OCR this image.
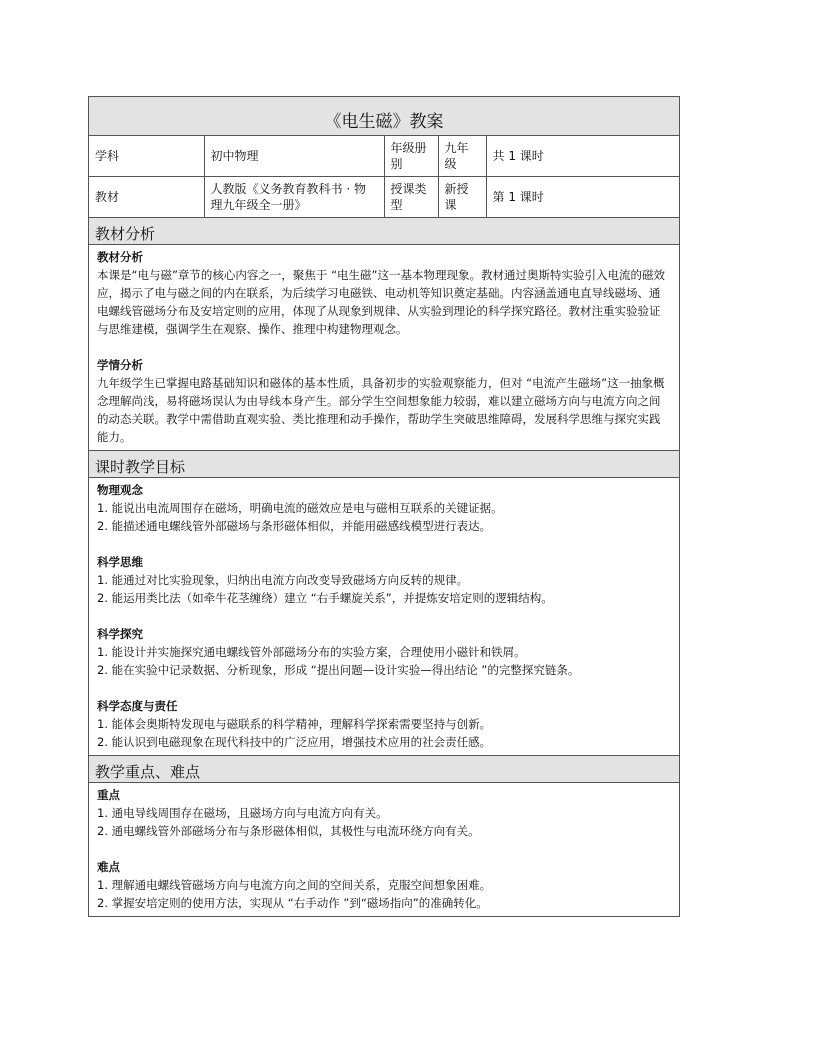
《电生磁》教案
学科	初中物理	年级册别	九年级	共 1 课时
教材	人教版《义务教育教科书 · 物理九年级全一册》	授课类型	新授课	第 1 课时
教材分析

教材分析

本课是“电与磁”章节的核心内容之一，聚焦于 “电生磁”这一基本物理现象。教材通过奥斯特实验引入电流的磁效应，揭示了电与磁之间的内在联系，为后续学习电磁铁、电动机等知识奠定基础。内容涵盖通电直导线磁场、通电螺线管磁场分布及安培定则的应用，体现了从现象到规律、从实验到理论的科学探究路径。教材注重实验验证与思维建模，强调学生在观察、操作、推理中构建物理观念。

学情分析

九年级学生已掌握电路基础知识和磁体的基本性质，具备初步的实验观察能力，但对 “电流产生磁场”这一抽象概念理解尚浅，易将磁场误认为由导线本身产生。部分学生空间想象能力较弱，难以建立磁场方向与电流方向之间的动态关联。教学中需借助直观实验、类比推理和动手操作，帮助学生突破思维障碍，发展科学思维与探究实践能力。

课时教学目标

物理观念

1. 能说出电流周围存在磁场，明确电流的磁效应是电与磁相互联系的关键证据。

2. 能描述通电螺线管外部磁场与条形磁体相似，并能用磁感线模型进行表达。

科学思维

1. 能通过对比实验现象，归纳出电流方向改变导致磁场方向反转的规律。

2. 能运用类比法（如牵牛花茎缠绕）建立 “右手螺旋关系”，并提炼安培定则的逻辑结构。

科学探究

1. 能设计并实施探究通电螺线管外部磁场分布的实验方案，合理使用小磁针和铁屑。

2. 能在实验中记录数据、分析现象，形成 “提出问题—设计实验—得出结论 ”的完整探究链条。

科学态度与责任

1. 能体会奥斯特发现电与磁联系的科学精神，理解科学探索需要坚持与创新。

2. 能认识到电磁现象在现代科技中的广泛应用，增强技术应用的社会责任感。

教学重点、难点

重点

1. 通电导线周围存在磁场，且磁场方向与电流方向有关。

2. 通电螺线管外部磁场分布与条形磁体相似，其极性与电流环绕方向有关。

难点

1. 理解通电螺线管磁场方向与电流方向之间的空间关系，克服空间想象困难。

2. 掌握安培定则的使用方法，实现从 “右手动作 ”到“磁场指向”的准确转化。
